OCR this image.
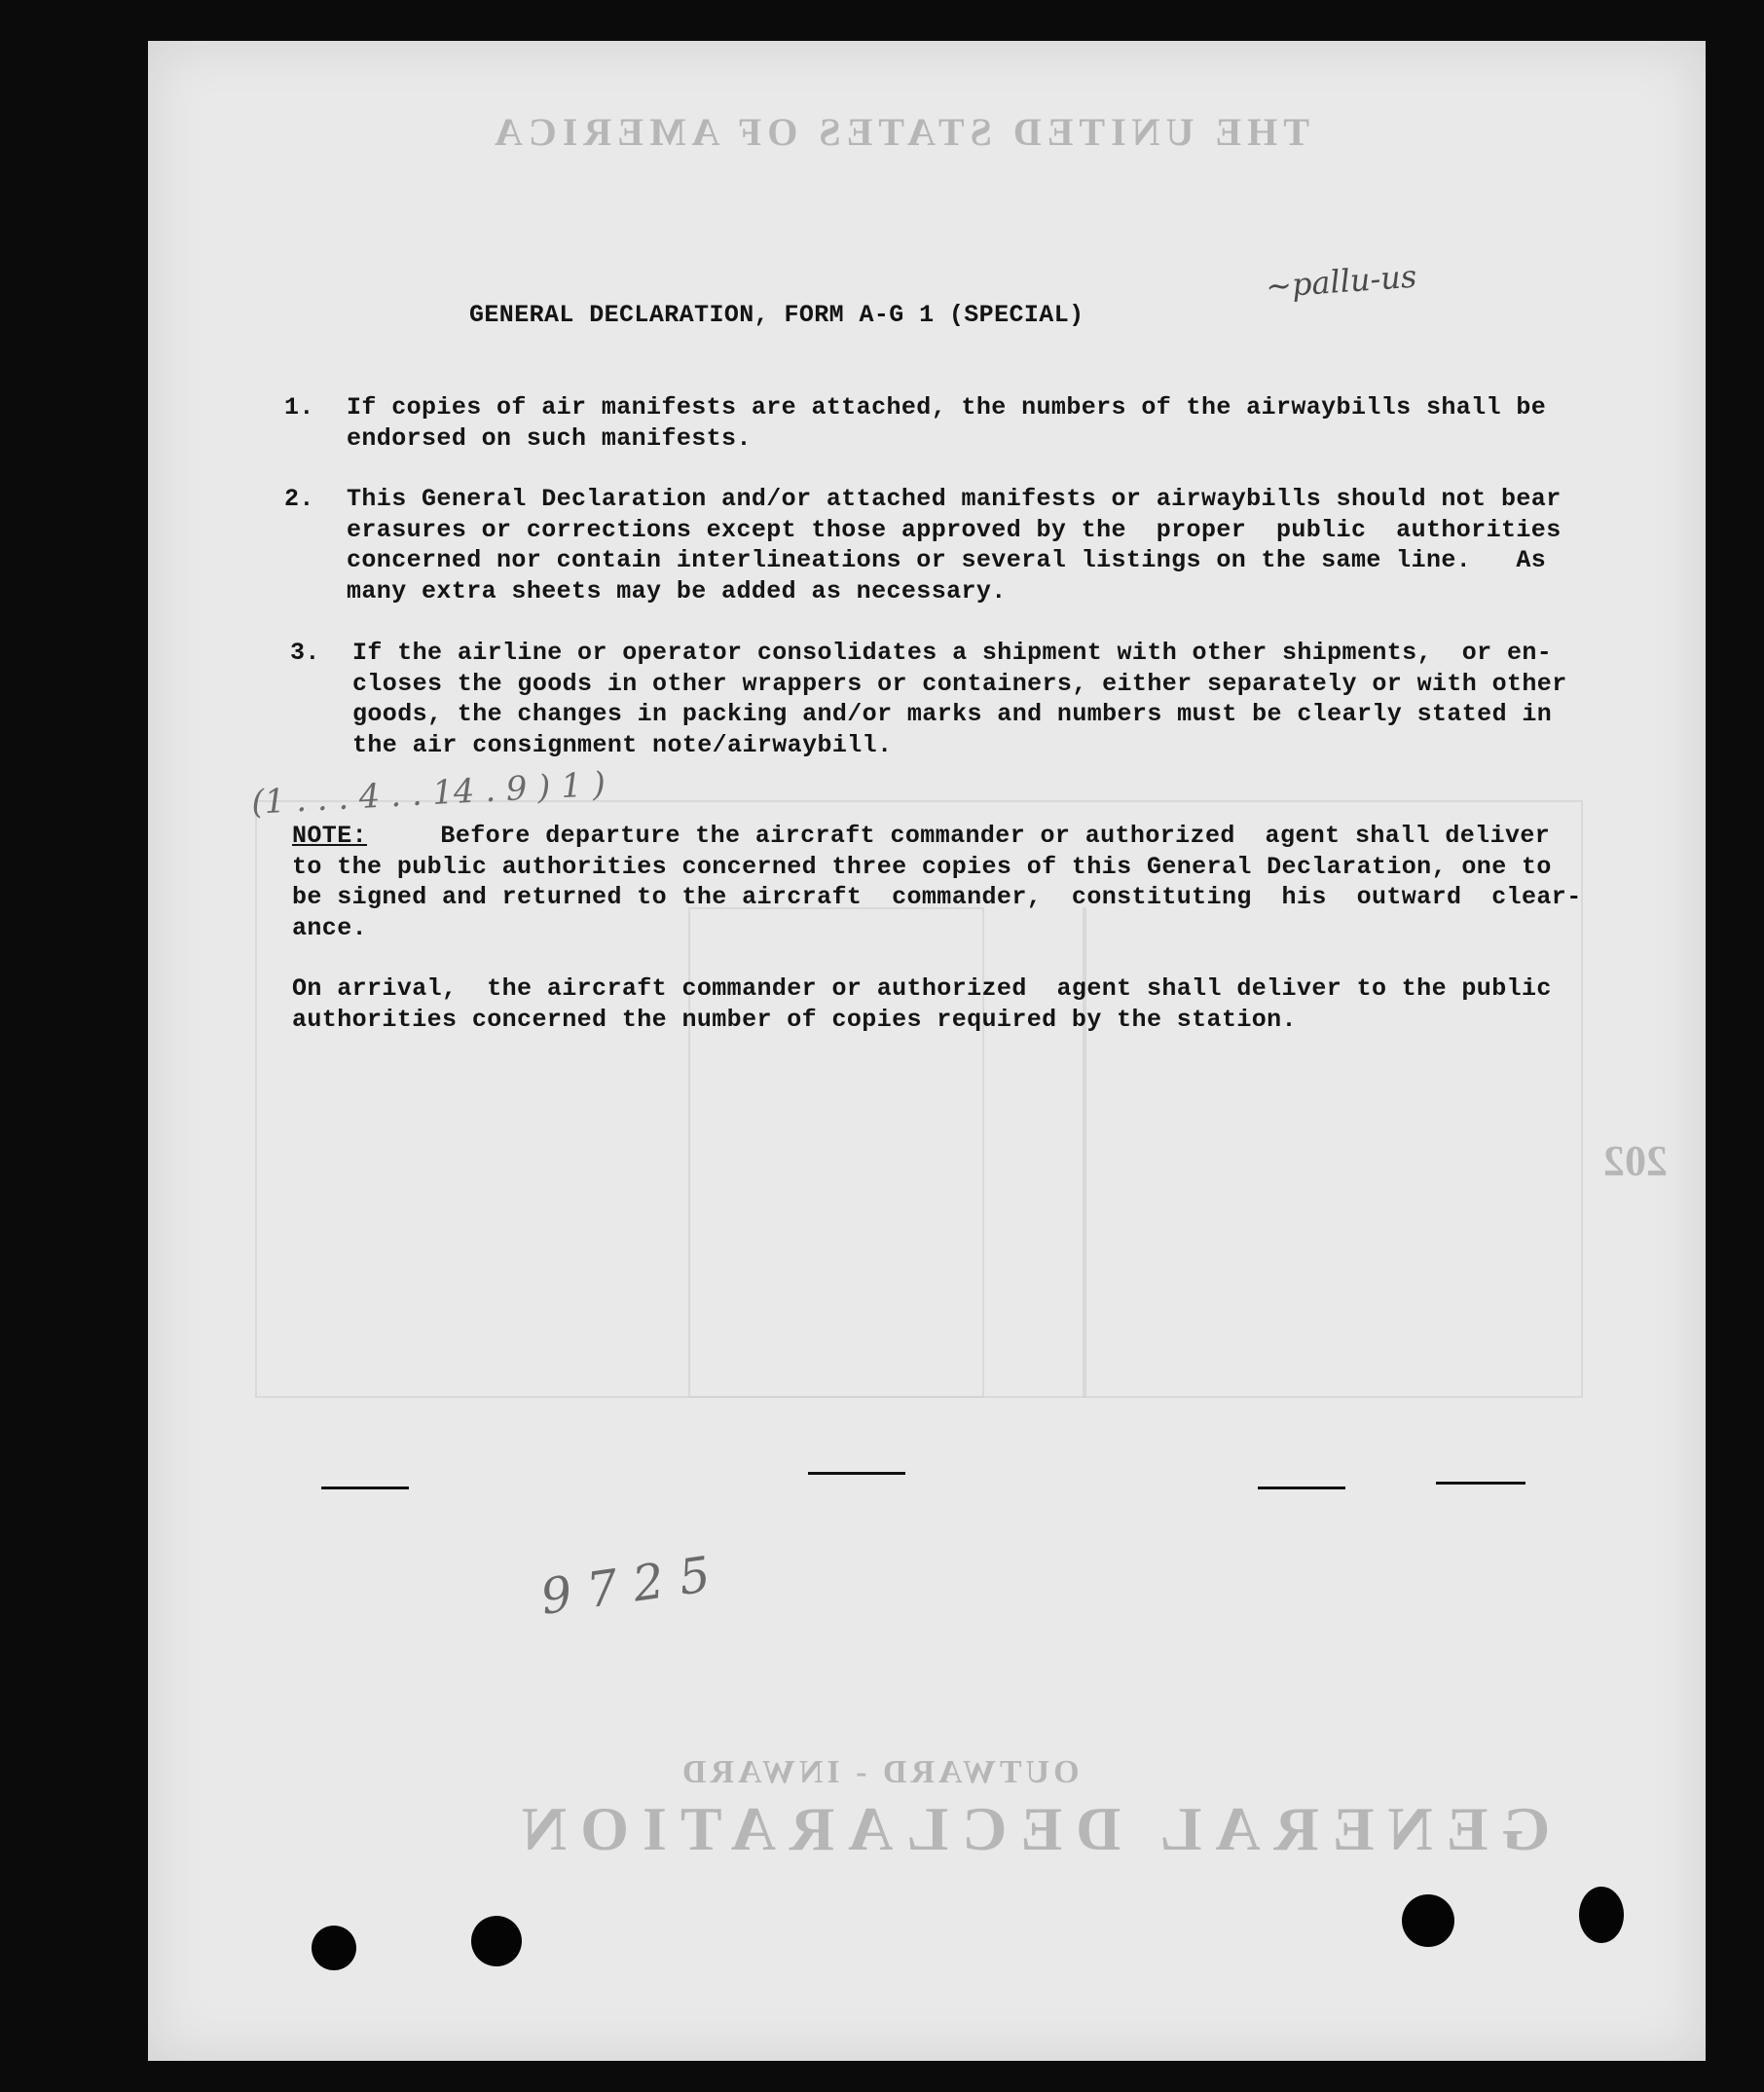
GENERAL DECLARATION
OUTWARD - INWARD
THE UNITED STATES OF AMERICA
202
GENERAL DECLARATION, FORM A-G 1 (SPECIAL)
~pallu-us
1. If copies of air manifests are attached, the numbers of the airwaybills shall be
endorsed on such manifests.
2. This General Declaration and/or attached manifests or airwaybills should not bear
erasures or corrections except those approved by the  proper  public  authorities
concerned nor contain interlineations or several listings on the same line.   As
many extra sheets may be added as necessary.
3. If the airline or operator consolidates a shipment with other shipments,  or en-
closes the goods in other wrappers or containers, either separately or with other
goods, the changes in packing and/or marks and numbers must be clearly stated in
the air consignment note/airwaybill.
(1 . . . 4 . . 14 . 9 ) 1 )
NOTE:
Before departure the aircraft commander or authorized  agent shall deliver
to the public authorities concerned three copies of this General Declaration, one to
be signed and returned to the aircraft  commander,  constituting  his  outward  clear-
ance.
On arrival,  the aircraft commander or authorized  agent shall deliver to the public
authorities concerned the number of copies required by the station.
9 7 2 5
